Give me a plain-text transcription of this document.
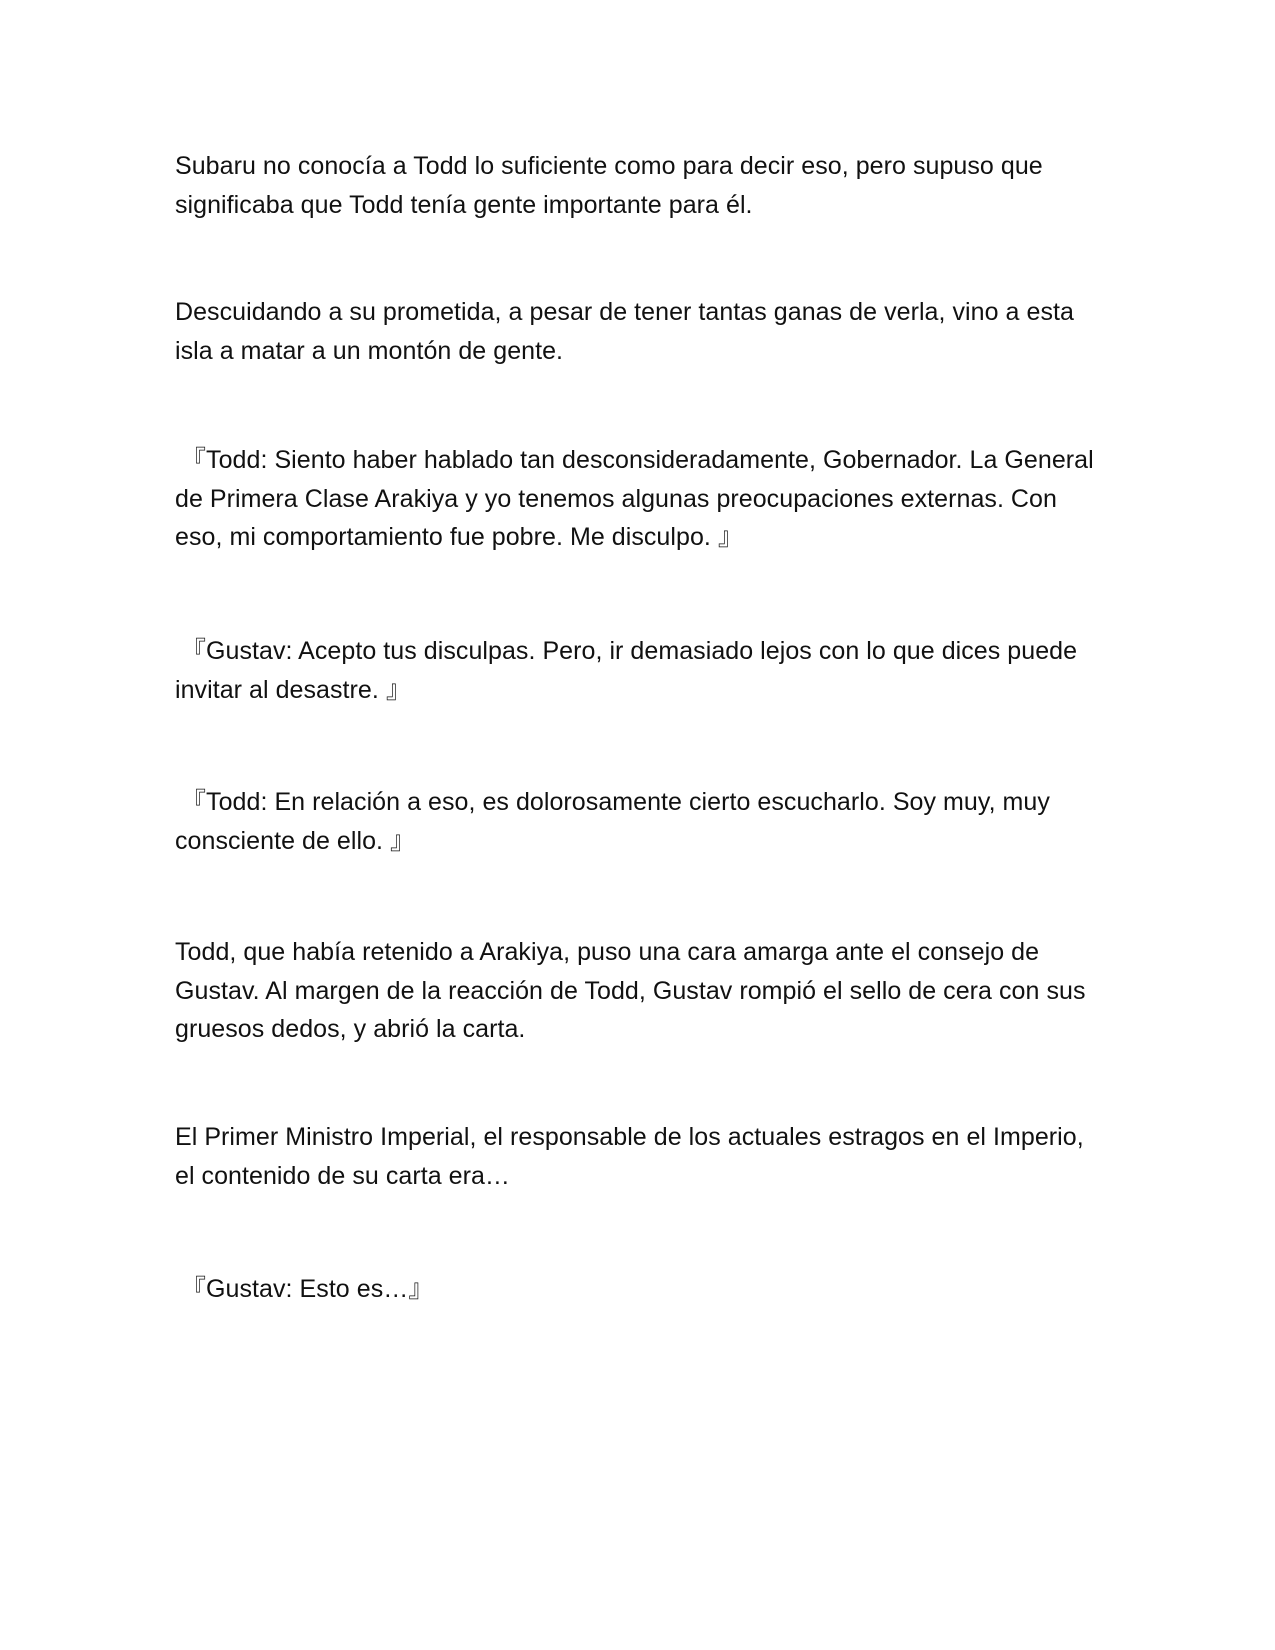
Subaru no conocía a Todd lo suficiente como para decir eso, pero supuso que significaba que Todd tenía gente importante para él.

Descuidando a su prometida, a pesar de tener tantas ganas de verla, vino a esta isla a matar a un montón de gente.

『Todd: Siento haber hablado tan desconsideradamente, Gobernador. La General de Primera Clase Arakiya y yo tenemos algunas preocupaciones externas. Con eso, mi comportamiento fue pobre. Me disculpo. 』

『Gustav: Acepto tus disculpas. Pero, ir demasiado lejos con lo que dices puede invitar al desastre. 』

『Todd: En relación a eso, es dolorosamente cierto escucharlo. Soy muy, muy consciente de ello. 』

Todd, que había retenido a Arakiya, puso una cara amarga ante el consejo de Gustav. Al margen de la reacción de Todd, Gustav rompió el sello de cera con sus gruesos dedos, y abrió la carta.

El Primer Ministro Imperial, el responsable de los actuales estragos en el Imperio, el contenido de su carta era…

『Gustav: Esto es…』
